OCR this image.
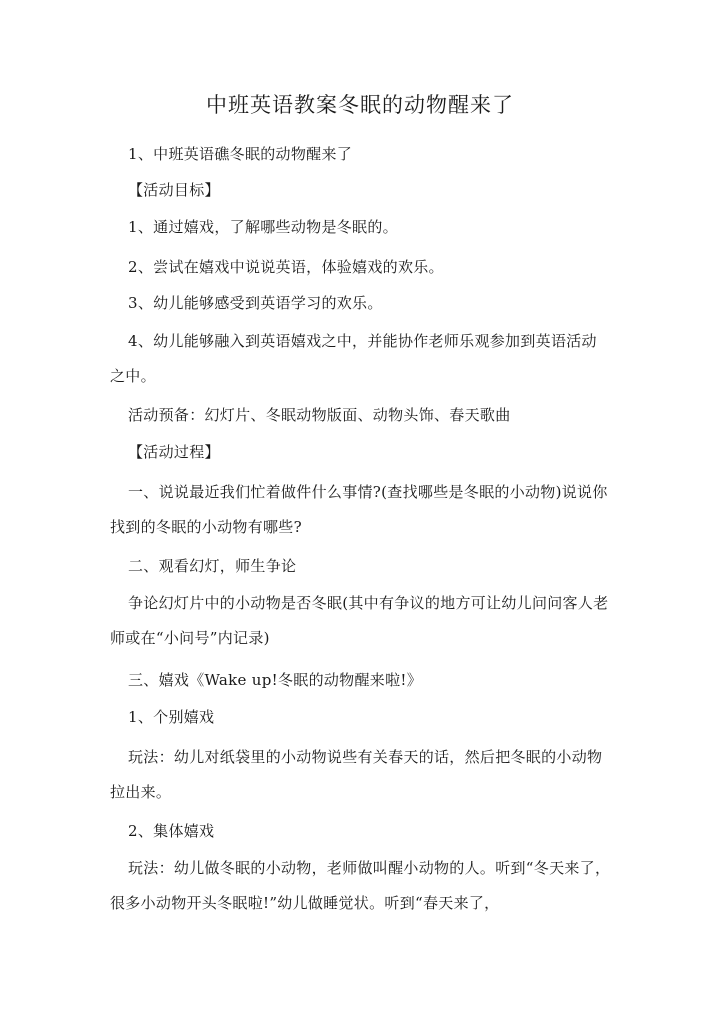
中班英语教案冬眠的动物醒来了

1、中班英语礁冬眠的动物醒来了

【活动目标】

1、通过嬉戏，了解哪些动物是冬眠的。

2、尝试在嬉戏中说说英语，体验嬉戏的欢乐。

3、幼儿能够感受到英语学习的欢乐。

4、幼儿能够融入到英语嬉戏之中，并能协作老师乐观参加到英语活动之中。

活动预备：幻灯片、冬眠动物版面、动物头饰、春天歌曲

【活动过程】

一、说说最近我们忙着做件什么事情?(查找哪些是冬眠的小动物)说说你找到的冬眠的小动物有哪些?

二、观看幻灯，师生争论

争论幻灯片中的小动物是否冬眠(其中有争议的地方可让幼儿问问客人老师或在“小问号”内记录)

三、嬉戏《Wake up!冬眠的动物醒来啦!》

1、个别嬉戏

玩法：幼儿对纸袋里的小动物说些有关春天的话，然后把冬眠的小动物拉出来。

2、集体嬉戏

玩法：幼儿做冬眠的小动物，老师做叫醒小动物的人。听到“冬天来了，很多小动物开头冬眠啦!”幼儿做睡觉状。听到“春天来了，
